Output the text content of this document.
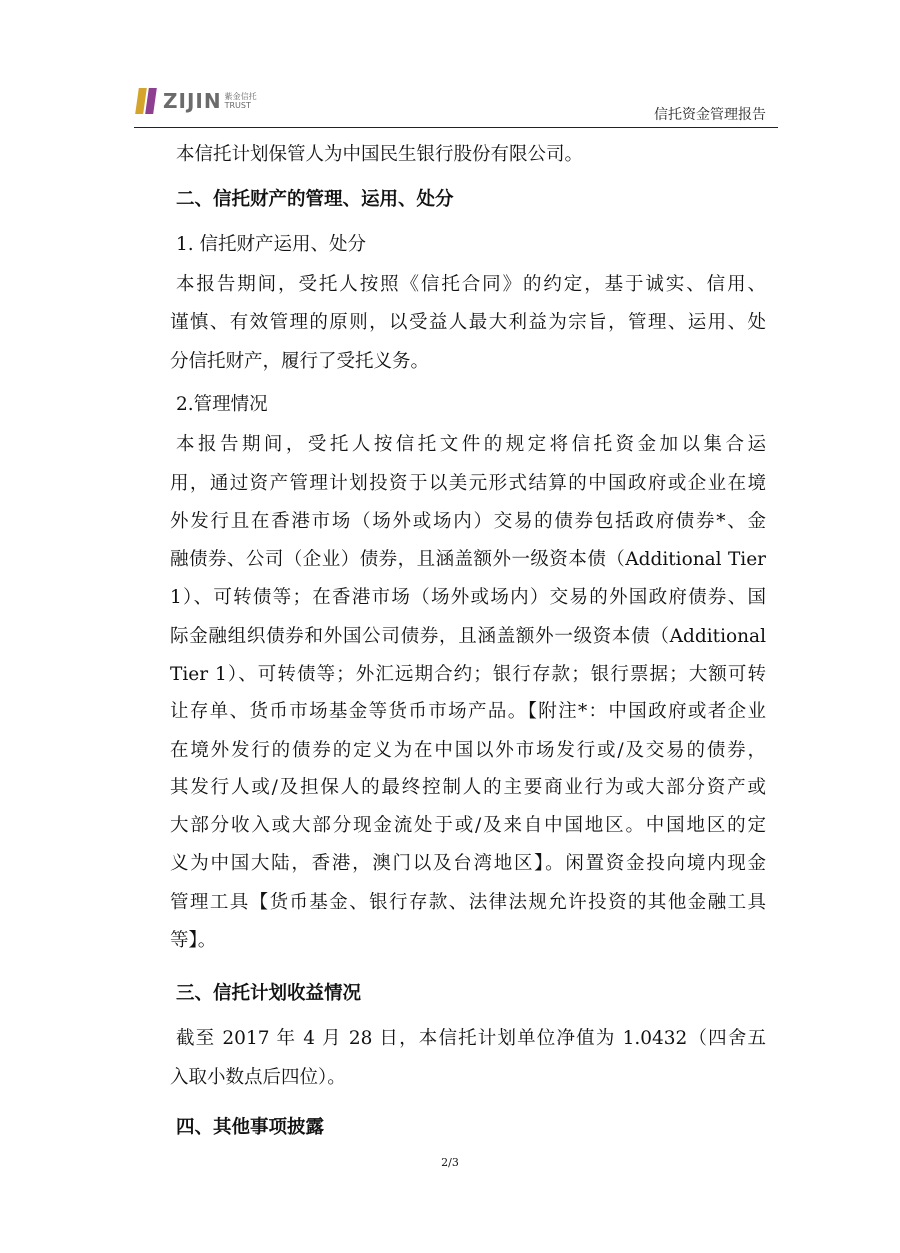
ZIJIN 紫金信托
TRUST
信托资金管理报告
本信托计划保管人为中国民生银行股份有限公司。
二、信托财产的管理、运用、处分
1. 信托财产运用、处分
本报告期间，受托人按照《信托合同》的约定，基于诚实、信用、
谨慎、有效管理的原则，以受益人最大利益为宗旨，管理、运用、处
分信托财产，履行了受托义务。
2.管理情况
本报告期间，受托人按信托文件的规定将信托资金加以集合运
用，通过资产管理计划投资于以美元形式结算的中国政府或企业在境
外发行且在香港市场（场外或场内）交易的债券包括政府债券*、金
融债券、公司（企业）债券，且涵盖额外一级资本债（Additional Tier
1）、可转债等；在香港市场（场外或场内）交易的外国政府债券、国
际金融组织债券和外国公司债券，且涵盖额外一级资本债（Additional
Tier 1）、可转债等；外汇远期合约；银行存款；银行票据；大额可转
让存单、货币市场基金等货币市场产品。【附注*：中国政府或者企业
在境外发行的债券的定义为在中国以外市场发行或/及交易的债券，
其发行人或/及担保人的最终控制人的主要商业行为或大部分资产或
大部分收入或大部分现金流处于或/及来自中国地区。中国地区的定
义为中国大陆，香港，澳门以及台湾地区】。闲置资金投向境内现金
管理工具【货币基金、银行存款、法律法规允许投资的其他金融工具
等】。
三、信托计划收益情况
截至 2017 年 4 月 28 日，本信托计划单位净值为 1.0432（四舍五
入取小数点后四位）。
四、其他事项披露
2/3
